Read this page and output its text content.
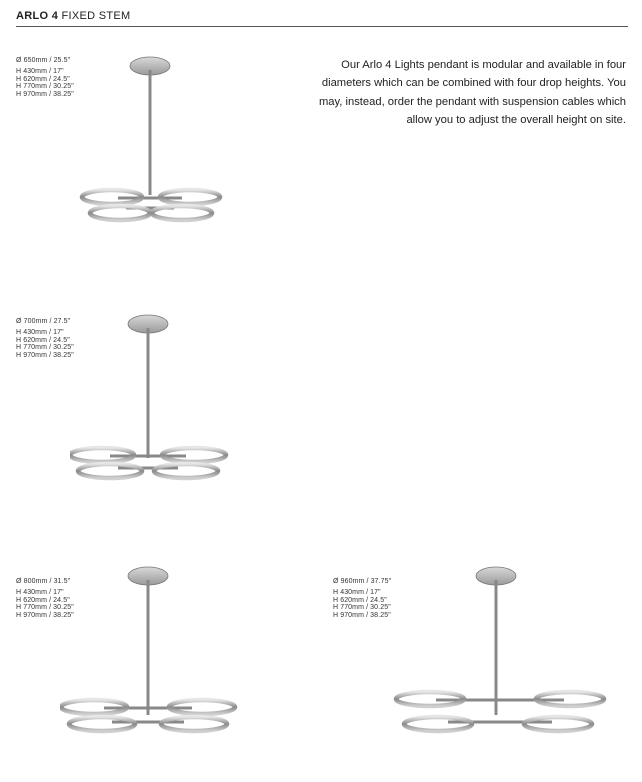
ARLO 4 FIXED STEM
Our Arlo 4 Lights pendant is modular and available in four diameters which can be combined with four drop heights. You may, instead, order the pendant with suspension cables which allow you to adjust the overall height on site.
Ø 650mm / 25.5"
H 430mm / 17"
H 620mm / 24.5"
H 770mm / 30.25"
H 970mm / 38.25"
Ø 700mm / 27.5"
H 430mm / 17"
H 620mm / 24.5"
H 770mm / 30.25"
H 970mm / 38.25"
Ø 800mm / 31.5"
H 430mm / 17"
H 620mm / 24.5"
H 770mm / 30.25"
H 970mm / 38.25"
Ø 960mm / 37.75"
H 430mm / 17"
H 620mm / 24.5"
H 770mm / 30.25"
H 970mm / 38.25"
